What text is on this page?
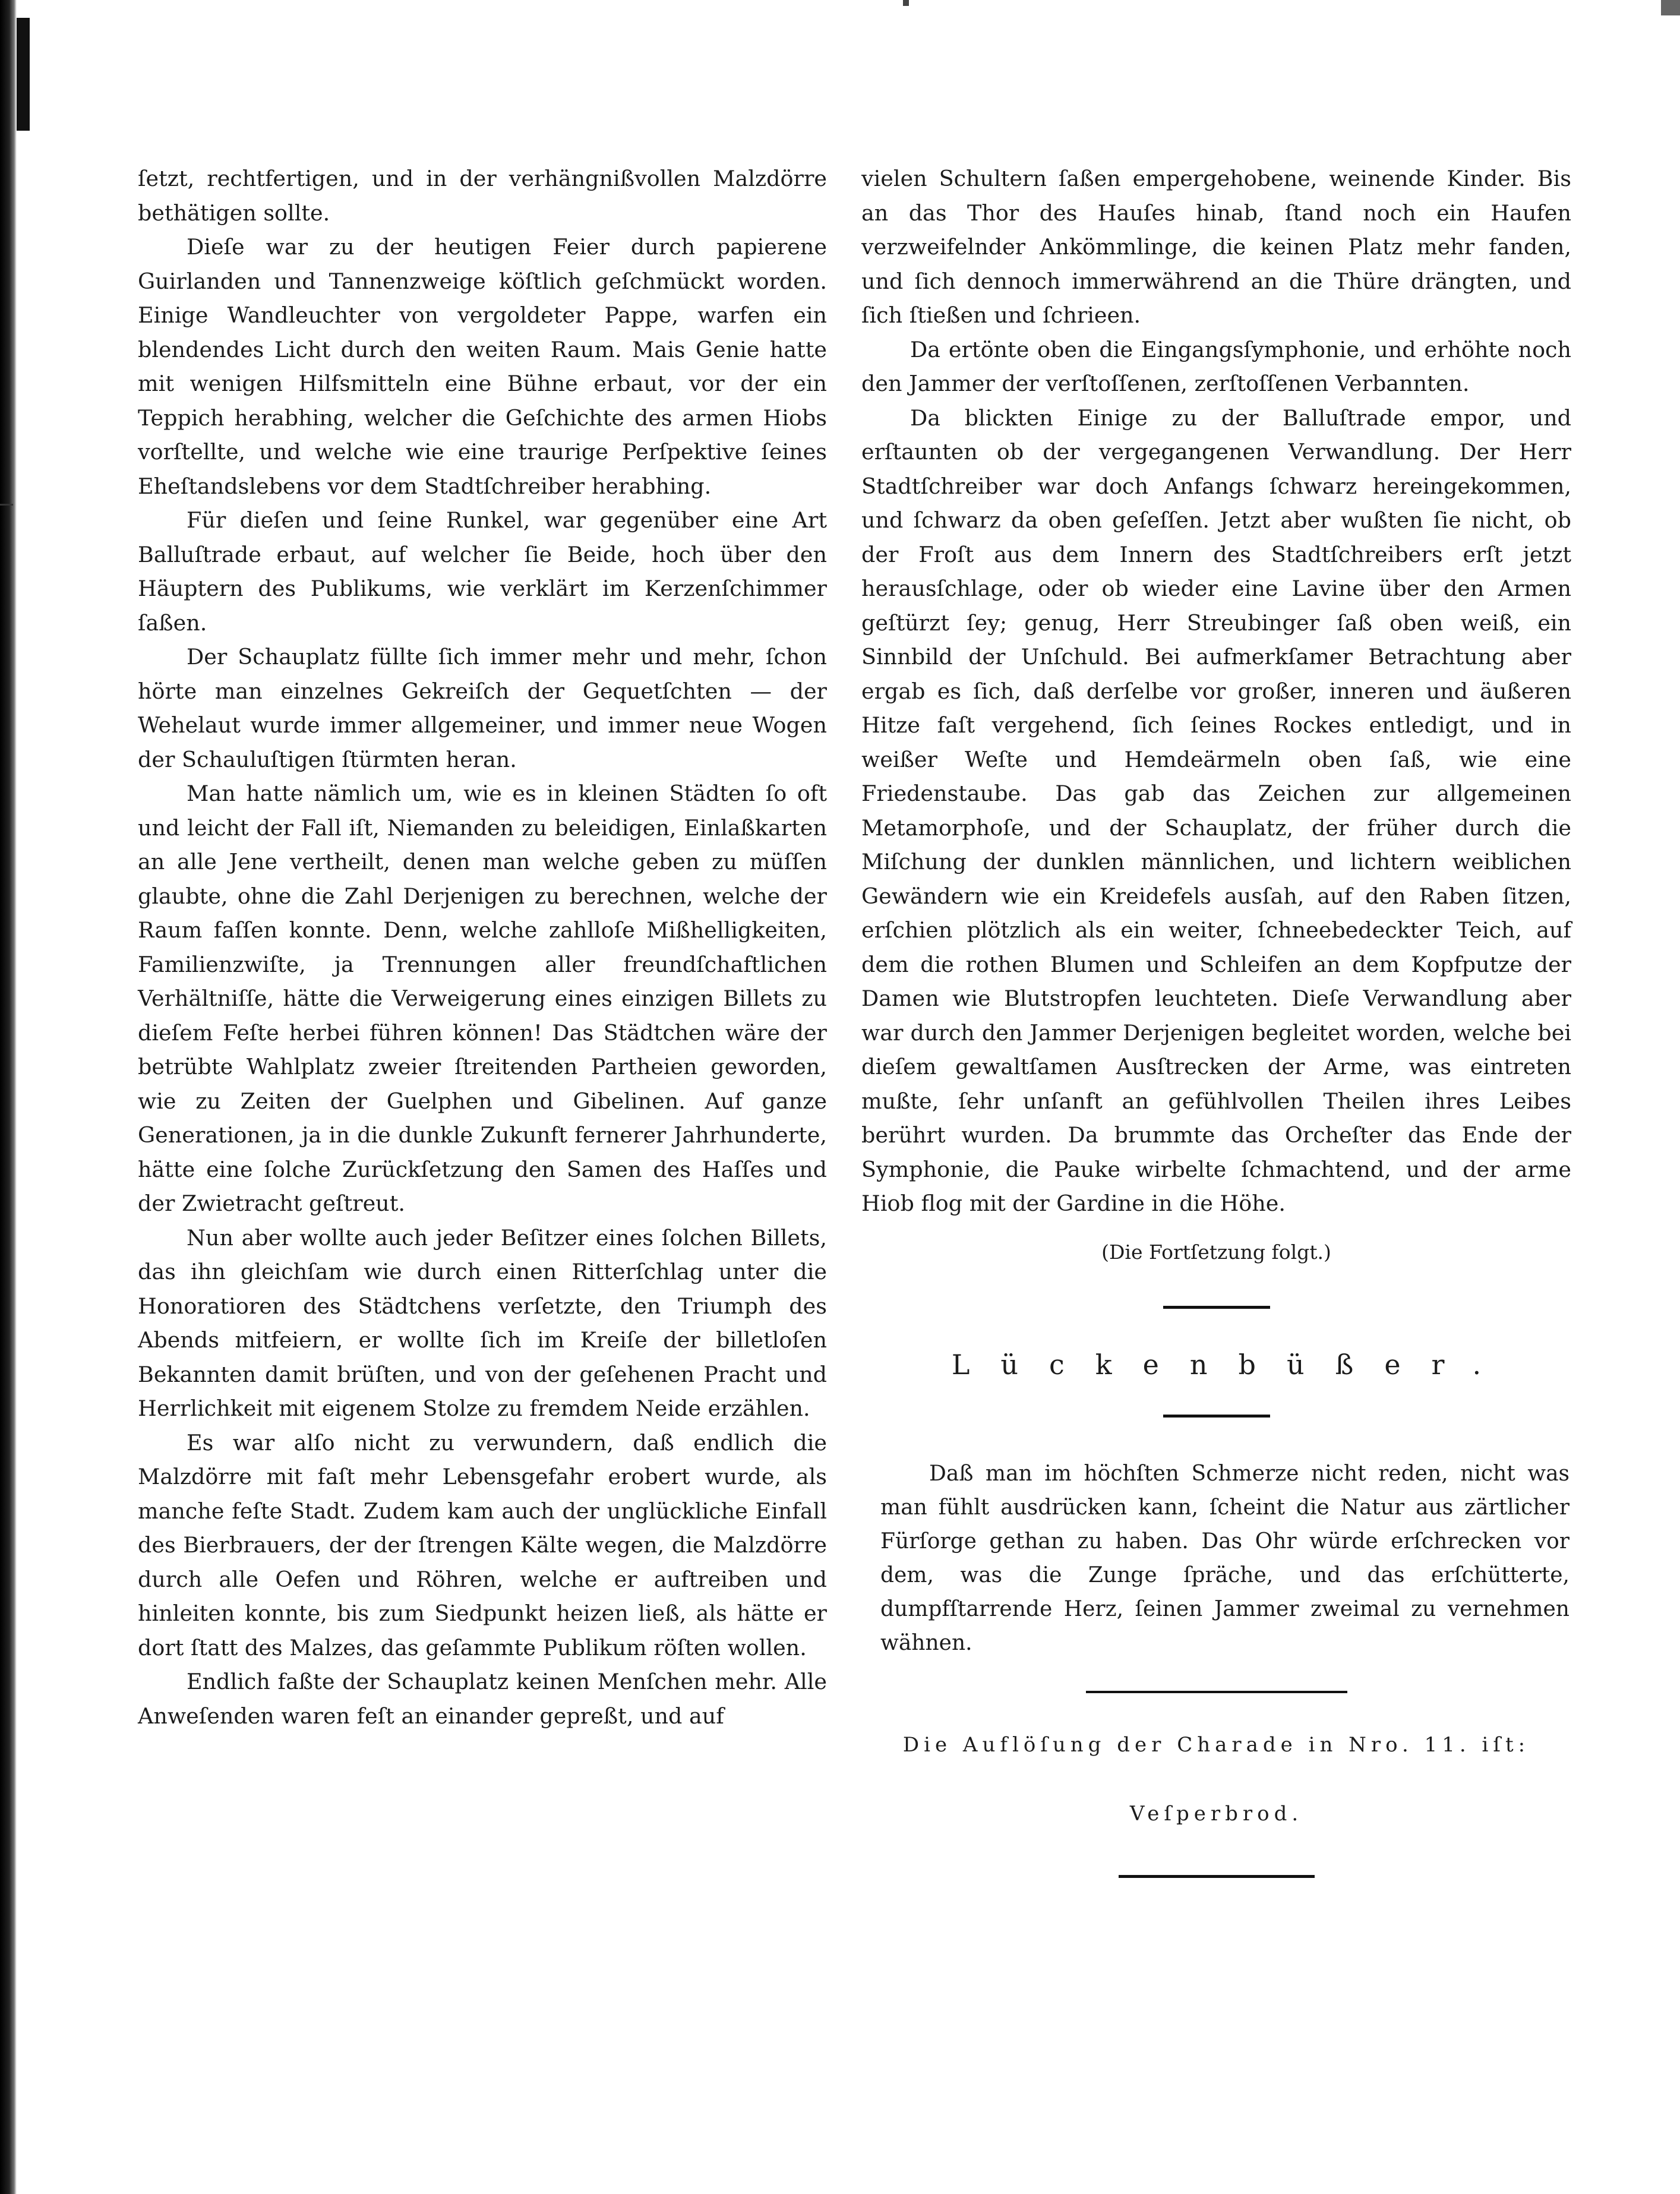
ſetzt, rechtfertigen, und in der verhängnißvollen Malzdörre bethätigen sollte.

Dieſe war zu der heutigen Feier durch papierene Guirlanden und Tannenzweige köſtlich geſchmückt worden. Einige Wandleuchter von vergoldeter Pappe, warfen ein blendendes Licht durch den weiten Raum. Mais Genie hatte mit wenigen Hilfsmitteln eine Bühne erbaut, vor der ein Teppich herabhing, welcher die Geſchichte des armen Hiobs vorſtellte, und welche wie eine traurige Perſpektive ſeines Eheſtandslebens vor dem Stadtſchreiber herabhing.

Für dieſen und ſeine Runkel, war gegenüber eine Art Balluſtrade erbaut, auf welcher ſie Beide, hoch über den Häuptern des Publikums, wie verklärt im Kerzenſchimmer ſaßen.

Der Schauplatz füllte ſich immer mehr und mehr, ſchon hörte man einzelnes Gekreiſch der Gequetſchten — der Wehelaut wurde immer allgemeiner, und immer neue Wogen der Schauluſtigen ſtürmten heran.

Man hatte nämlich um, wie es in kleinen Städten ſo oft und leicht der Fall iſt, Niemanden zu beleidigen, Einlaßkarten an alle Jene vertheilt, denen man welche geben zu müſſen glaubte, ohne die Zahl Derjenigen zu berechnen, welche der Raum faſſen konnte. Denn, welche zahlloſe Mißhelligkeiten, Familienzwiſte, ja Trennungen aller freundſchaftlichen Verhältniſſe, hätte die Verweigerung eines einzigen Billets zu dieſem Feſte herbei führen können! Das Städtchen wäre der betrübte Wahlplatz zweier ſtreitenden Partheien geworden, wie zu Zeiten der Guelphen und Gibelinen. Auf ganze Generationen, ja in die dunkle Zukunft fernerer Jahrhunderte, hätte eine ſolche Zurückſetzung den Samen des Haſſes und der Zwietracht geſtreut.

Nun aber wollte auch jeder Beſitzer eines ſolchen Billets, das ihn gleichſam wie durch einen Ritterſchlag unter die Honoratioren des Städtchens verſetzte, den Triumph des Abends mitfeiern, er wollte ſich im Kreiſe der billetloſen Bekannten damit brüſten, und von der geſehenen Pracht und Herrlichkeit mit eigenem Stolze zu fremdem Neide erzählen.

Es war alſo nicht zu verwundern, daß endlich die Malzdörre mit faſt mehr Lebensgefahr erobert wurde, als manche feſte Stadt. Zudem kam auch der unglückliche Einfall des Bierbrauers, der der ſtrengen Kälte wegen, die Malzdörre durch alle Oefen und Röhren, welche er auftreiben und hinleiten konnte, bis zum Siedpunkt heizen ließ, als hätte er dort ſtatt des Malzes, das geſammte Publikum röſten wollen.

Endlich faßte der Schauplatz keinen Menſchen mehr. Alle Anweſenden waren feſt an einander gepreßt, und auf

vielen Schultern ſaßen empergehobene, weinende Kinder. Bis an das Thor des Hauſes hinab, ſtand noch ein Haufen verzweifelnder Ankömmlinge, die keinen Platz mehr fanden, und ſich dennoch immerwährend an die Thüre drängten, und ſich ſtießen und ſchrieen.

Da ertönte oben die Eingangsſymphonie, und erhöhte noch den Jammer der verſtoſſenen, zerſtoſſenen Verbannten.

Da blickten Einige zu der Balluſtrade empor, und erſtaunten ob der vergegangenen Verwandlung. Der Herr Stadtſchreiber war doch Anfangs ſchwarz hereingekommen, und ſchwarz da oben geſeſſen. Jetzt aber wußten ſie nicht, ob der Froſt aus dem Innern des Stadtſchreibers erſt jetzt herausſchlage, oder ob wieder eine Lavine über den Armen geſtürzt ſey; genug, Herr Streubinger ſaß oben weiß, ein Sinnbild der Unſchuld. Bei aufmerkſamer Betrachtung aber ergab es ſich, daß derſelbe vor großer, inneren und äußeren Hitze faſt vergehend, ſich ſeines Rockes entledigt, und in weißer Weſte und Hemdeärmeln oben ſaß, wie eine Friedenstaube. Das gab das Zeichen zur allgemeinen Metamorphoſe, und der Schauplatz, der früher durch die Miſchung der dunklen männlichen, und lichtern weiblichen Gewändern wie ein Kreidefels ausſah, auf den Raben ſitzen, erſchien plötzlich als ein weiter, ſchneebedeckter Teich, auf dem die rothen Blumen und Schleifen an dem Kopfputze der Damen wie Blutstropfen leuchteten. Dieſe Verwandlung aber war durch den Jammer Derjenigen begleitet worden, welche bei dieſem gewaltſamen Ausſtrecken der Arme, was eintreten mußte, ſehr unſanft an gefühlvollen Theilen ihres Leibes berührt wurden. Da brummte das Orcheſter das Ende der Symphonie, die Pauke wirbelte ſchmachtend, und der arme Hiob flog mit der Gardine in die Höhe.

(Die Fortſetzung folgt.)
Lückenbüßer.
Daß man im höchſten Schmerze nicht reden, nicht was man fühlt ausdrücken kann, ſcheint die Natur aus zärtlicher Fürſorge gethan zu haben. Das Ohr würde erſchrecken vor dem, was die Zunge ſpräche, und das erſchütterte, dumpfſtarrende Herz, ſeinen Jammer zweimal zu vernehmen wähnen.
Die Auflöſung der Charade in Nro. 11. iſt:
Veſperbrod.
